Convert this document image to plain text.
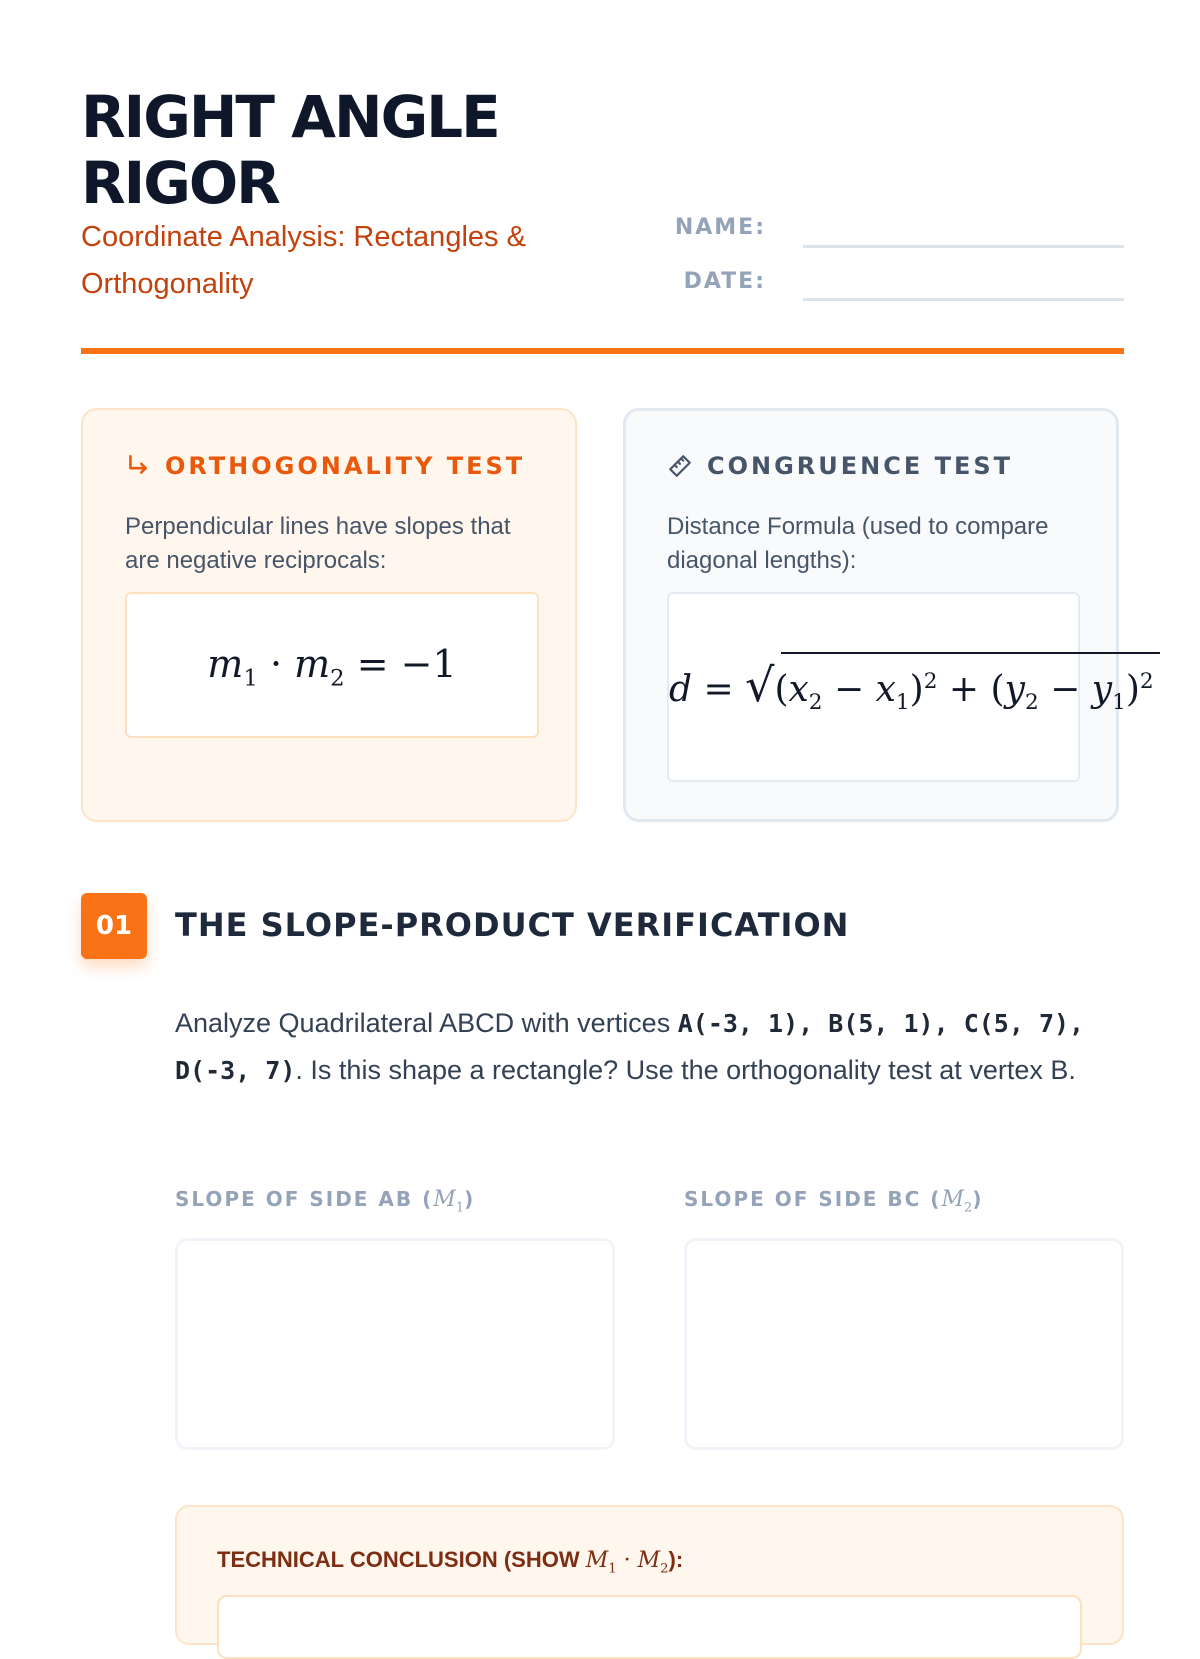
RIGHT ANGLE
RIGOR
Coordinate Analysis: Rectangles & Orthogonality
NAME:
DATE:
ORTHOGONALITY TEST
Perpendicular lines have slopes that are negative reciprocals:
$m_1 \cdot m_2 = -1$
CONGRUENCE TEST
Distance Formula (used to compare diagonal lengths):
d = √
$(x_2 - x_1)^2 + (y_2 - y_1)^2$
01	THE SLOPE-PRODUCT VERIFICATION
Analyze Quadrilateral ABCD with vertices A(-3, 1), B(5, 1), C(5, 7), D(-3, 7). Is this shape a rectangle? Use the orthogonality test at vertex B.
SLOPE OF SIDE AB $(M_1)$	SLOPE OF SIDE BC $(M_2)$
TECHNICAL CONCLUSION (SHOW $M_1 \cdot M_2$):
